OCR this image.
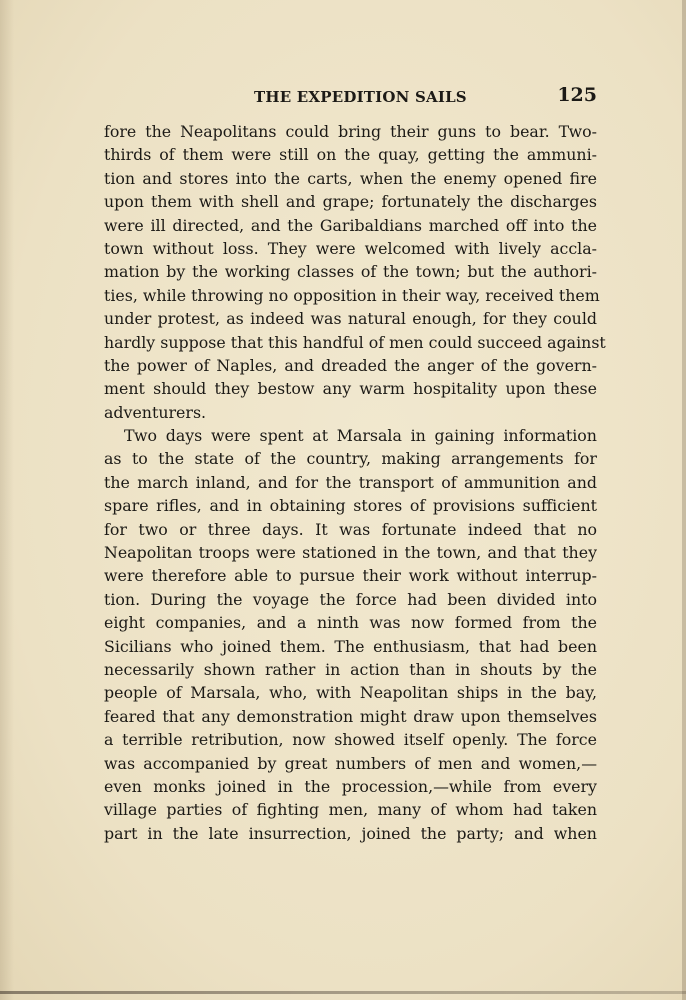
THE EXPEDITION SAILS	125
fore the Neapolitans could bring their guns to bear. Two-
thirds of them were still on the quay, getting the ammuni-
tion and stores into the carts, when the enemy opened fire
upon them with shell and grape; fortunately the discharges
were ill directed, and the Garibaldians marched off into the
town without loss. They were welcomed with lively accla-
mation by the working classes of the town; but the authori-
ties, while throwing no opposition in their way, received them
under protest, as indeed was natural enough, for they could
hardly suppose that this handful of men could succeed against
the power of Naples, and dreaded the anger of the govern-
ment should they bestow any warm hospitality upon these
adventurers.
Two days were spent at Marsala in gaining information
as to the state of the country, making arrangements for
the march inland, and for the transport of ammunition and
spare rifles, and in obtaining stores of provisions sufficient
for two or three days. It was fortunate indeed that no
Neapolitan troops were stationed in the town, and that they
were therefore able to pursue their work without interrup-
tion. During the voyage the force had been divided into
eight companies, and a ninth was now formed from the
Sicilians who joined them. The enthusiasm, that had been
necessarily shown rather in action than in shouts by the
people of Marsala, who, with Neapolitan ships in the bay,
feared that any demonstration might draw upon themselves
a terrible retribution, now showed itself openly. The force
was accompanied by great numbers of men and women,—
even monks joined in the procession,—while from every
village parties of fighting men, many of whom had taken
part in the late insurrection, joined the party; and when
